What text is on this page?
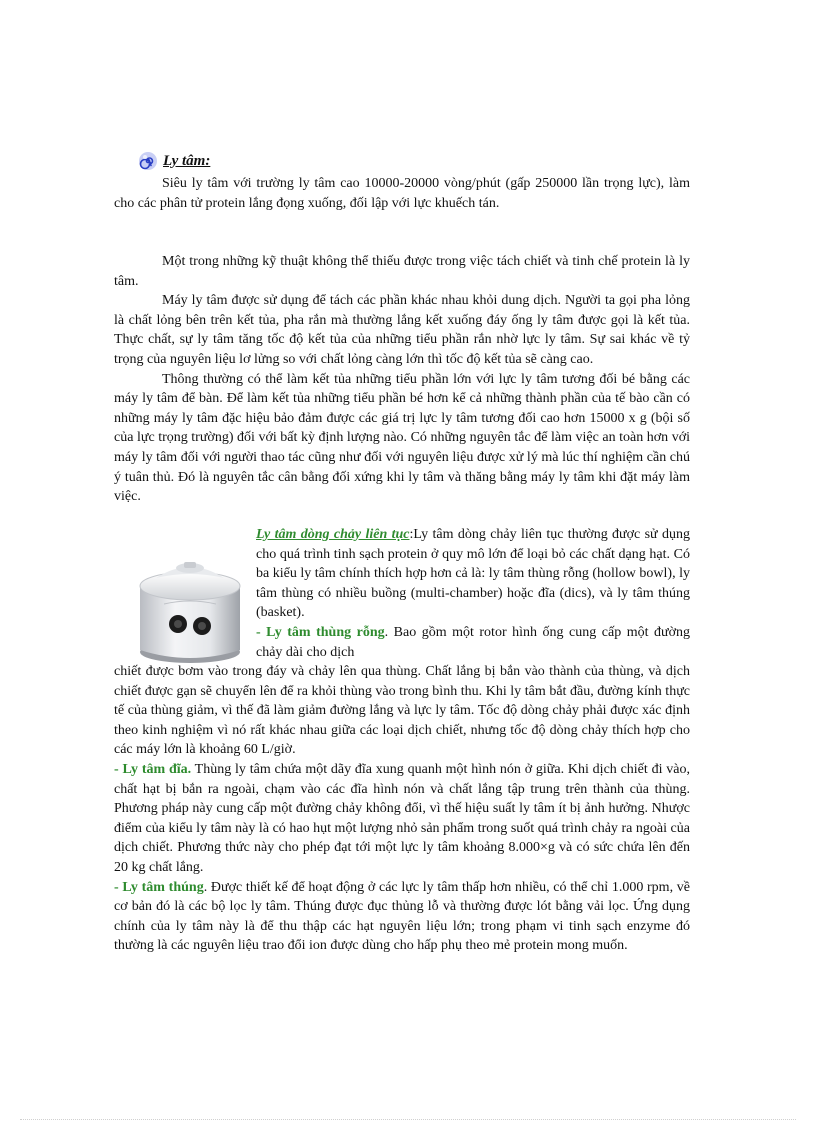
Ly tâm:

Siêu ly tâm với trường ly tâm cao 10000-20000 vòng/phút (gấp 250000 lần trọng lực), làm cho các phân tử protein lắng đọng xuống, đối lập với lực khuếch tán.

Một trong những kỹ thuật không thể thiếu được trong việc tách chiết và tinh chế protein là ly tâm.

Máy ly tâm được sử dụng để tách các phần khác nhau khỏi dung dịch. Người ta gọi pha lỏng là chất lỏng bên trên kết tủa, pha rắn mà thường lắng kết xuống đáy ống ly tâm được gọi là kết tủa. Thực chất, sự ly tâm tăng tốc độ kết tủa của những tiểu phần rắn nhờ lực ly tâm. Sự sai khác về tỷ trọng của nguyên liệu lơ lửng so với chất lỏng càng lớn thì tốc độ kết tủa sẽ càng cao.

Thông thường có thể làm kết tủa những tiểu phần lớn với lực ly tâm tương đối bé bằng các máy ly tâm để bàn. Để làm kết tủa những tiểu phần bé hơn kể cả những thành phần của tế bào cần có những máy ly tâm đặc hiệu bảo đảm được các giá trị lực ly tâm tương đối cao hơn 15000 x g (bội số của lực trọng trường) đối với bất kỳ định lượng nào. Có những nguyên tắc để làm việc an toàn hơn với máy ly tâm đối với người thao tác cũng như đối với nguyên liệu được xử lý mà lúc thí nghiệm cần chú ý tuân thủ. Đó là nguyên tắc cân bằng đối xứng khi ly tâm và thăng bằng máy ly tâm khi đặt máy làm việc.

Ly tâm dòng chảy liên tục:Ly tâm dòng chảy liên tục thường được sử dụng cho quá trình tinh sạch protein ở quy mô lớn để loại bỏ các chất dạng hạt. Có ba kiểu ly tâm chính thích hợp hơn cả là: ly tâm thùng rỗng (hollow bowl), ly tâm thùng có nhiều buồng (multi-chamber) hoặc đĩa (dics), và ly tâm thúng (basket).

- Ly tâm thùng rỗng. Bao gồm một rotor hình ống cung cấp một đường chảy dài cho dịch

chiết được bơm vào trong đáy và chảy lên qua thùng. Chất lắng bị bắn vào thành của thùng, và dịch chiết được gạn sẽ chuyển lên để ra khỏi thùng vào trong bình thu. Khi ly tâm bắt đầu, đường kính thực tế của thùng giảm, vì thế đã làm giảm đường lắng và lực ly tâm. Tốc độ dòng chảy phải được xác định theo kinh nghiệm vì nó rất khác nhau giữa các loại dịch chiết, nhưng tốc độ dòng chảy thích hợp cho các máy lớn là khoảng 60 L/giờ.

- Ly tâm đĩa. Thùng ly tâm chứa một dãy đĩa xung quanh một hình nón ở giữa. Khi dịch chiết đi vào, chất hạt bị bắn ra ngoài, chạm vào các đĩa hình nón và chất lắng tập trung trên thành của thùng. Phương pháp này cung cấp một đường chảy không đổi, vì thế hiệu suất ly tâm ít bị ảnh hưởng. Nhược điểm của kiểu ly tâm này là có hao hụt một lượng nhỏ sản phẩm trong suốt quá trình chảy ra ngoài của dịch chiết. Phương thức này cho phép đạt tới một lực ly tâm khoảng 8.000×g và có sức chứa lên đến 20 kg chất lắng.

- Ly tâm thúng. Được thiết kế để hoạt động ở các lực ly tâm thấp hơn nhiều, có thể chỉ 1.000 rpm, về cơ bản đó là các bộ lọc ly tâm. Thúng được đục thủng lỗ và thường được lót bằng vải lọc. Ứng dụng chính của ly tâm này là để thu thập các hạt nguyên liệu lớn; trong phạm vi tinh sạch enzyme đó thường là các nguyên liệu trao đổi ion được dùng cho hấp phụ theo mẻ protein mong muốn.
